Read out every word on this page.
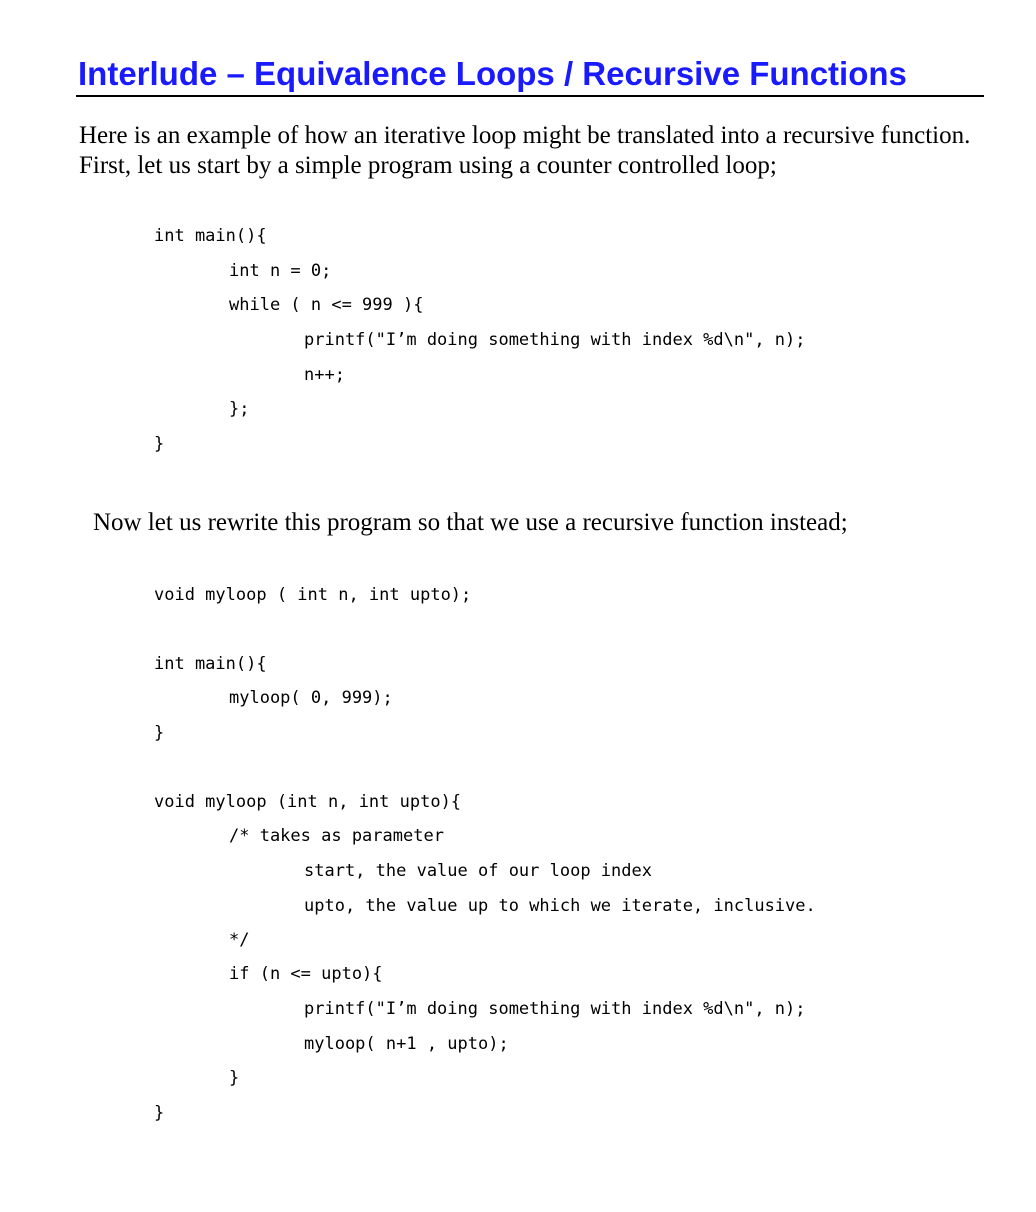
Interlude – Equivalence Loops / Recursive Functions

Here is an example of how an iterative loop might be translated into a recursive function.
First, let us start by a simple program using a counter controlled loop;

int main(){
int n = 0;
while ( n <= 999 ){
printf("I’m doing something with index %d\n", n);
n++;
};
}

Now let us rewrite this program so that we use a recursive function instead;

void myloop ( int n, int upto);
int main(){
myloop( 0, 999);
}
void myloop (int n, int upto){
/* takes as parameter
start, the value of our loop index
upto, the value up to which we iterate, inclusive.
*/
if (n <= upto){
printf("I’m doing something with index %d\n", n);
myloop( n+1 , upto);
}
}
